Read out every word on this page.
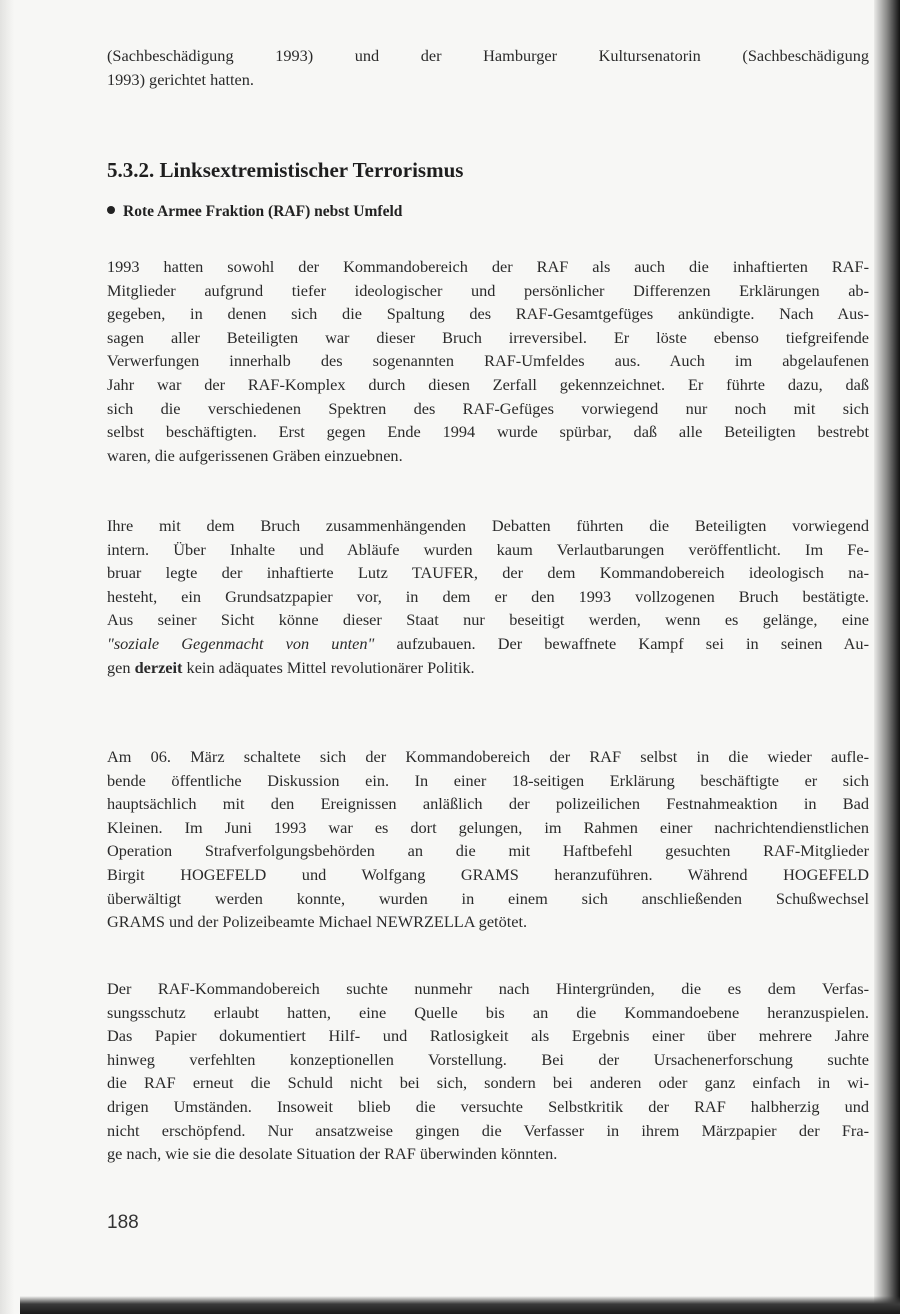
5.3.2. Linksextremistischer Terrorismus
Rote Armee Fraktion (RAF) nebst Umfeld
188
(Sachbeschädigung 1993) und der Hamburger Kultursenatorin (Sachbeschädigung
1993) gerichtet hatten.
1993 hatten sowohl der Kommandobereich der RAF als auch die inhaftierten RAF-
Mitglieder aufgrund tiefer ideologischer und persönlicher Differenzen Erklärungen ab-
gegeben, in denen sich die Spaltung des RAF-Gesamtgefüges ankündigte. Nach Aus-
sagen aller Beteiligten war dieser Bruch irreversibel. Er löste ebenso tiefgreifende
Verwerfungen innerhalb des sogenannten RAF-Umfeldes aus. Auch im abgelaufenen
Jahr war der RAF-Komplex durch diesen Zerfall gekennzeichnet. Er führte dazu, daß
sich die verschiedenen Spektren des RAF-Gefüges vorwiegend nur noch mit sich
selbst beschäftigten. Erst gegen Ende 1994 wurde spürbar, daß alle Beteiligten bestrebt
waren, die aufgerissenen Gräben einzuebnen.
Ihre mit dem Bruch zusammenhängenden Debatten führten die Beteiligten vorwiegend
intern. Über Inhalte und Abläufe wurden kaum Verlautbarungen veröffentlicht. Im Fe-
bruar legte der inhaftierte Lutz TAUFER, der dem Kommandobereich ideologisch na-
hesteht, ein Grundsatzpapier vor, in dem er den 1993 vollzogenen Bruch bestätigte.
Aus seiner Sicht könne dieser Staat nur beseitigt werden, wenn es gelänge, eine
"soziale Gegenmacht von unten" aufzubauen. Der bewaffnete Kampf sei in seinen Au-
gen derzeit kein adäquates Mittel revolutionärer Politik.
Am 06. März schaltete sich der Kommandobereich der RAF selbst in die wieder aufle-
bende öffentliche Diskussion ein. In einer 18-seitigen Erklärung beschäftigte er sich
hauptsächlich mit den Ereignissen anläßlich der polizeilichen Festnahmeaktion in Bad
Kleinen. Im Juni 1993 war es dort gelungen, im Rahmen einer nachrichtendienstlichen
Operation Strafverfolgungsbehörden an die mit Haftbefehl gesuchten RAF-Mitglieder
Birgit HOGEFELD und Wolfgang GRAMS heranzuführen. Während HOGEFELD
überwältigt werden konnte, wurden in einem sich anschließenden Schußwechsel
GRAMS und der Polizeibeamte Michael NEWRZELLA getötet.
Der RAF-Kommandobereich suchte nunmehr nach Hintergründen, die es dem Verfas-
sungsschutz erlaubt hatten, eine Quelle bis an die Kommandoebene heranzuspielen.
Das Papier dokumentiert Hilf- und Ratlosigkeit als Ergebnis einer über mehrere Jahre
hinweg verfehlten konzeptionellen Vorstellung. Bei der Ursachenerforschung suchte
die RAF erneut die Schuld nicht bei sich, sondern bei anderen oder ganz einfach in wi-
drigen Umständen. Insoweit blieb die versuchte Selbstkritik der RAF halbherzig und
nicht erschöpfend. Nur ansatzweise gingen die Verfasser in ihrem Märzpapier der Fra-
ge nach, wie sie die desolate Situation der RAF überwinden könnten.
